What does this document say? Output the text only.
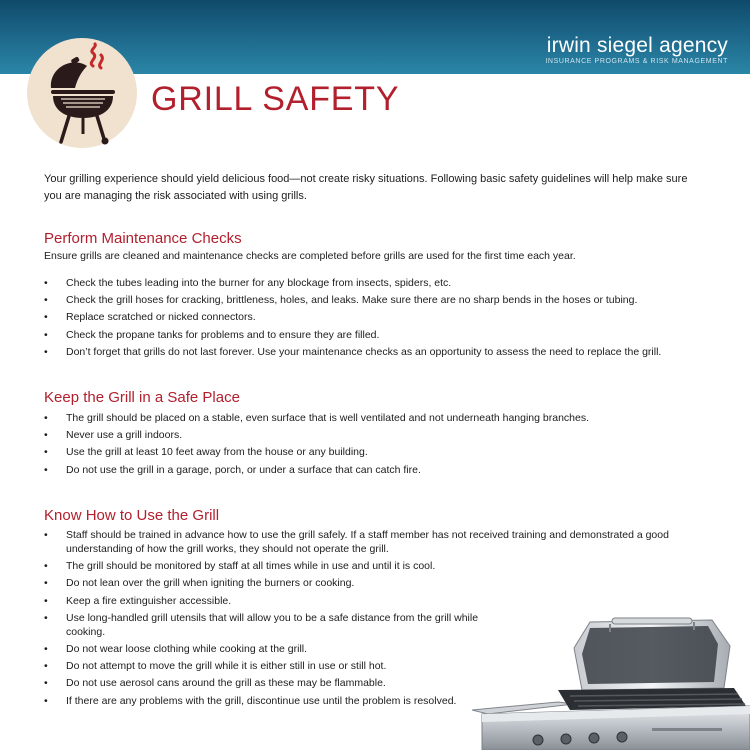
irwin siegel agency
INSURANCE PROGRAMS & RISK MANAGEMENT
GRILL SAFETY

Your grilling experience should yield delicious food—not create risky situations. Following basic safety guidelines will help make sure you are managing the risk associated with using grills.

Perform Maintenance Checks

Ensure grills are cleaned and maintenance checks are completed before grills are used for the first time each year.

• Check the tubes leading into the burner for any blockage from insects, spiders, etc.
• Check the grill hoses for cracking, brittleness, holes, and leaks. Make sure there are no sharp bends in the hoses or tubing.
• Replace scratched or nicked connectors.
• Check the propane tanks for problems and to ensure they are filled.
• Don’t forget that grills do not last forever. Use your maintenance checks as an opportunity to assess the need to replace the grill.
Keep the Grill in a Safe Place
• The grill should be placed on a stable, even surface that is well ventilated and not underneath hanging branches.
• Never use a grill indoors.
• Use the grill at least 10 feet away from the house or any building.
• Do not use the grill in a garage, porch, or under a surface that can catch fire.
Know How to Use the Grill
• Staff should be trained in advance how to use the grill safely. If a staff member has not received training and demonstrated a good understanding of how the grill works, they should not operate the grill.
• The grill should be monitored by staff at all times while in use and until it is cool.
• Do not lean over the grill when igniting the burners or cooking.
• Keep a fire extinguisher accessible.
• Use long-handled grill utensils that will allow you to be a safe distance from the grill while cooking.
• Do not wear loose clothing while cooking at the grill.
• Do not attempt to move the grill while it is either still in use or still hot.
• Do not use aerosol cans around the grill as these may be flammable.
• If there are any problems with the grill, discontinue use until the problem is resolved.
